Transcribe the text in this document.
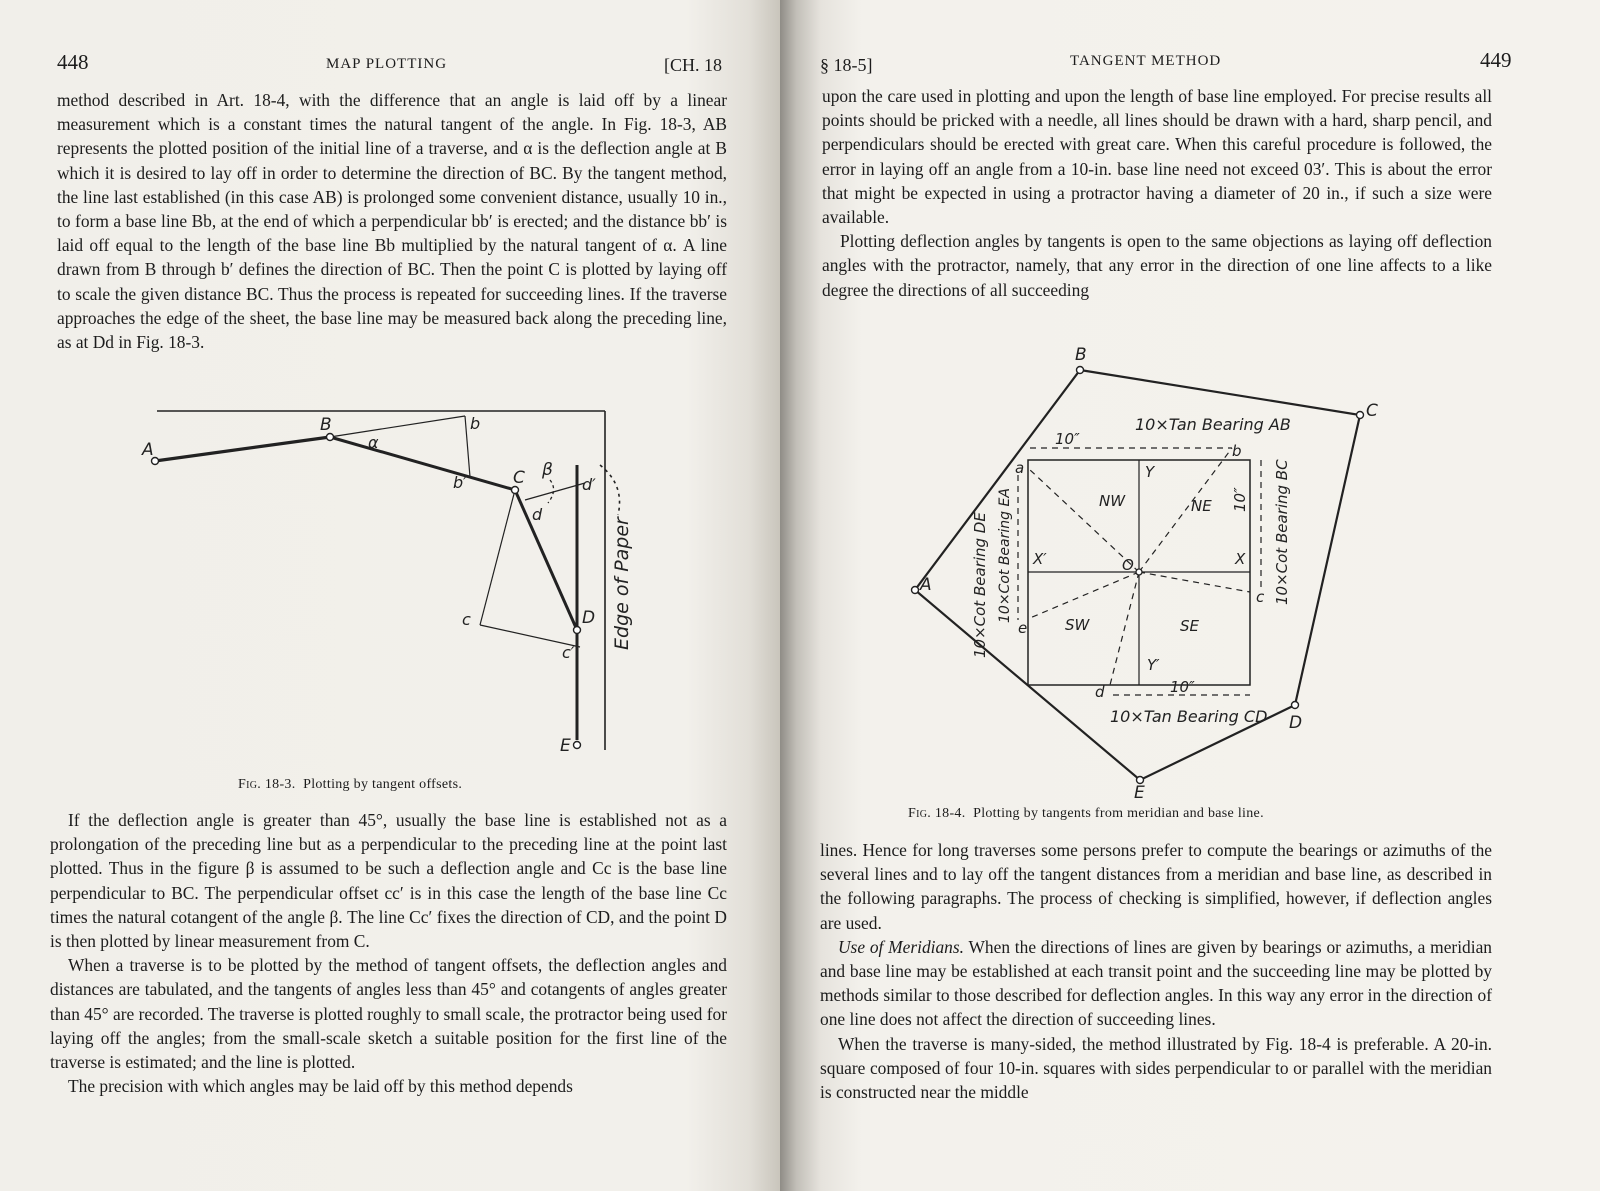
448	MAP PLOTTING	[CH. 18

method described in Art. 18-4, with the difference that an angle is laid off by a linear measurement which is a constant times the natural tangent of the angle. In Fig. 18-3, AB represents the plotted position of the initial line of a traverse, and α is the deflection angle at B which it is desired to lay off in order to determine the direction of BC. By the tangent method, the line last established (in this case AB) is prolonged some convenient distance, usually 10 in., to form a base line Bb, at the end of which a perpendicular bb′ is erected; and the distance bb′ is laid off equal to the length of the base line Bb multiplied by the natural tangent of α. A line drawn from B through b′ defines the direction of BC. Then the point C is plotted by laying off to scale the given distance BC. Thus the process is repeated for succeeding lines. If the traverse approaches the edge of the sheet, the base line may be measured back along the preceding line, as at Dd in Fig. 18-3.

A
B	b
α
b′	C β
d
d′
c	D
c′
E
Edge of Paper
Fig. 18-3. Plotting by tangent offsets.

If the deflection angle is greater than 45°, usually the base line is established not as a prolongation of the preceding line but as a perpendicular to the preceding line at the point last plotted. Thus in the figure β is assumed to be such a deflection angle and Cc is the base line perpendicular to BC. The perpendicular offset cc′ is in this case the length of the base line Cc times the natural cotangent of the angle β. The line Cc′ fixes the direction of CD, and the point D is then plotted by linear measurement from C.

When a traverse is to be plotted by the method of tangent offsets, the deflection angles and distances are tabulated, and the tangents of angles less than 45° and cotangents of angles greater than 45° are recorded. The traverse is plotted roughly to small scale, the protractor being used for laying off the angles; from the small-scale sketch a suitable position for the first line of the traverse is estimated; and the line is plotted.

The precision with which angles may be laid off by this method depends

§ 18-5]	TANGENT METHOD	449

upon the care used in plotting and upon the length of base line employed. For precise results all points should be pricked with a needle, all lines should be drawn with a hard, sharp pencil, and perpendiculars should be erected with great care. When this careful procedure is followed, the error in laying off an angle from a 10-in. base line need not exceed 03′. This is about the error that might be expected in using a protractor having a diameter of 20 in., if such a size were available.

Plotting deflection angles by tangents is open to the same objections as laying off deflection angles with the protractor, namely, that any error in the direction of one line affects to a like degree the directions of all succeeding

B
C
A
D
E
10×Tan Bearing AB
10×Tan Bearing CD
10″
10″
10″ 10×Cot Bearing BC
10×Cot Bearing EA
10×Cot Bearing DE
NW	NE
SW	SE
Y
Y′
X
X′	O
a
b
c
d
e
Fig. 18-4. Plotting by tangents from meridian and base line.

lines. Hence for long traverses some persons prefer to compute the bearings or azimuths of the several lines and to lay off the tangent distances from a meridian and base line, as described in the following paragraphs. The process of checking is simplified, however, if deflection angles are used.

Use of Meridians. When the directions of lines are given by bearings or azimuths, a meridian and base line may be established at each transit point and the succeeding line may be plotted by methods similar to those described for deflection angles. In this way any error in the direction of one line does not affect the direction of succeeding lines.

When the traverse is many-sided, the method illustrated by Fig. 18-4 is preferable. A 20-in. square composed of four 10-in. squares with sides perpendicular to or parallel with the meridian is constructed near the middle
